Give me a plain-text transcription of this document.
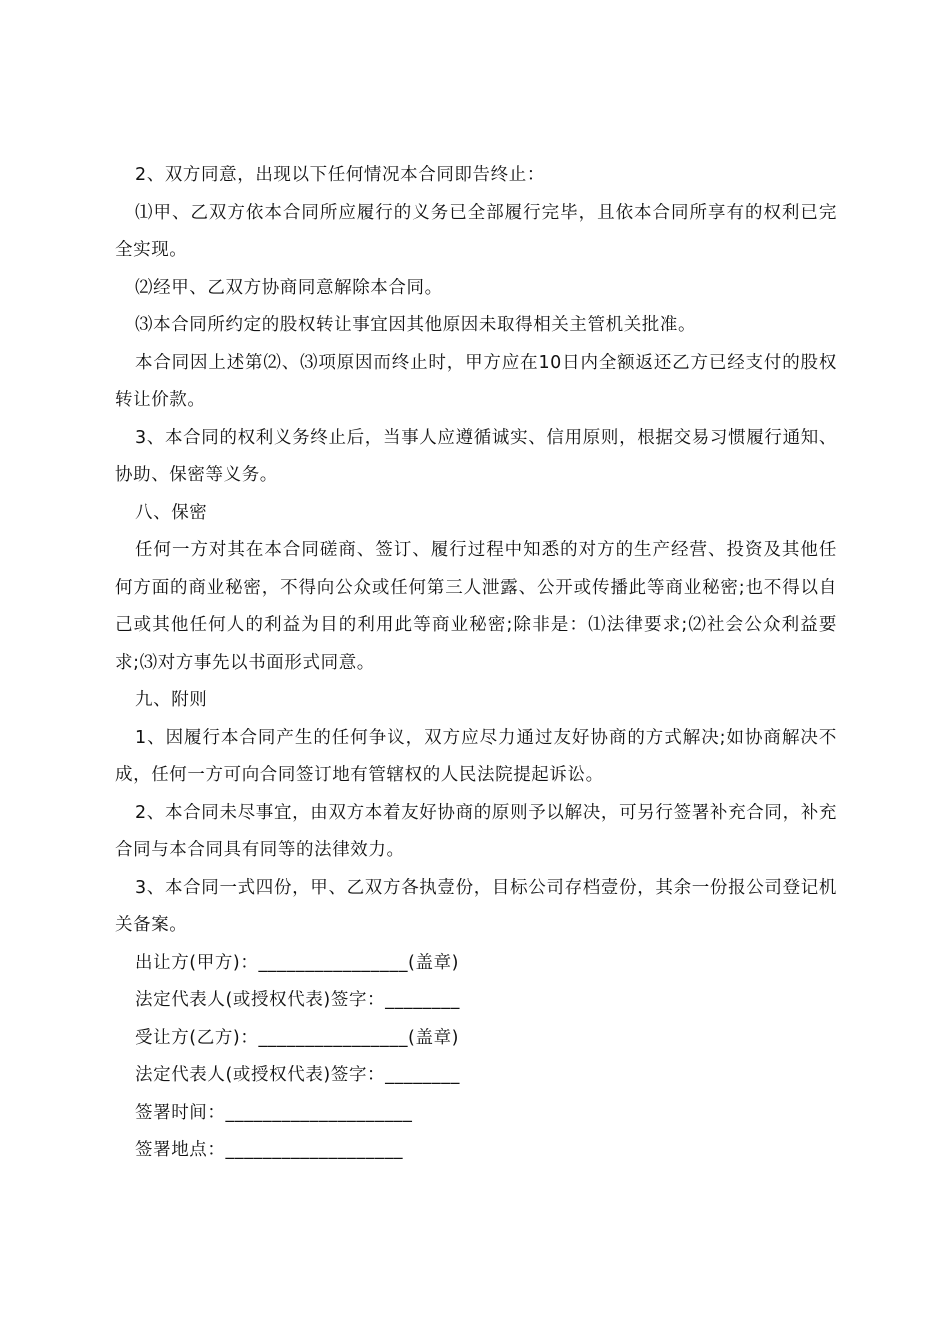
2、双方同意，出现以下任何情况本合同即告终止：

⑴甲、乙双方依本合同所应履行的义务已全部履行完毕，且依本合同所享有的权利已完全实现。

⑵经甲、乙双方协商同意解除本合同。

⑶本合同所约定的股权转让事宜因其他原因未取得相关主管机关批准。

本合同因上述第⑵、⑶项原因而终止时，甲方应在10日内全额返还乙方已经支付的股权转让价款。

3、本合同的权利义务终止后，当事人应遵循诚实、信用原则，根据交易习惯履行通知、协助、保密等义务。

八、保密

任何一方对其在本合同磋商、签订、履行过程中知悉的对方的生产经营、投资及其他任何方面的商业秘密，不得向公众或任何第三人泄露、公开或传播此等商业秘密;也不得以自己或其他任何人的利益为目的利用此等商业秘密;除非是：⑴法律要求;⑵社会公众利益要求;⑶对方事先以书面形式同意。

九、附则

1、因履行本合同产生的任何争议，双方应尽力通过友好协商的方式解决;如协商解决不成，任何一方可向合同签订地有管辖权的人民法院提起诉讼。

2、本合同未尽事宜，由双方本着友好协商的原则予以解决，可另行签署补充合同，补充合同与本合同具有同等的法律效力。

3、本合同一式四份，甲、乙双方各执壹份，目标公司存档壹份，其余一份报公司登记机关备案。

出让方(甲方)：________________(盖章)

法定代表人(或授权代表)签字：________

受让方(乙方)：________________(盖章)

法定代表人(或授权代表)签字：________

签署时间：____________________

签署地点：___________________
